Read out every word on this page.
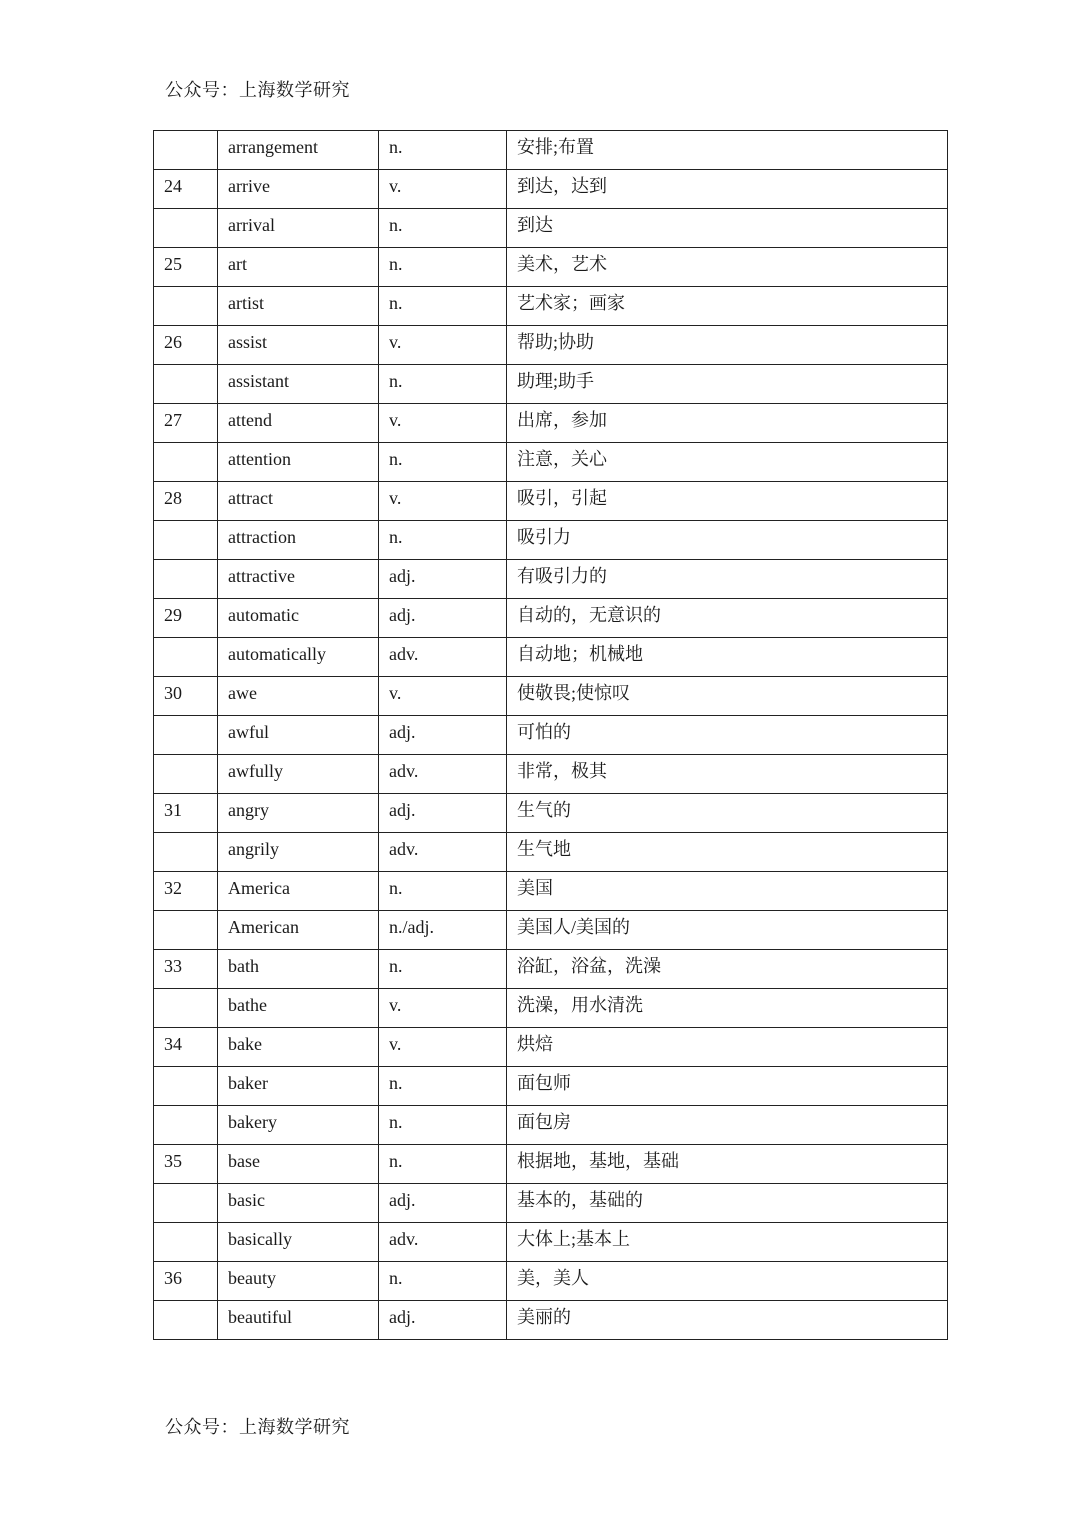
公众号：上海数学研究
	arrangement	n.	安排;布置
24	arrive	v.	到达，达到
	arrival	n.	到达
25	art	n.	美术，艺术
	artist	n.	艺术家；画家
26	assist	v.	帮助;协助
	assistant	n.	助理;助手
27	attend	v.	出席，参加
	attention	n.	注意，关心
28	attract	v.	吸引，引起
	attraction	n.	吸引力
	attractive	adj.	有吸引力的
29	automatic	adj.	自动的，无意识的
	automatically	adv.	自动地；机械地
30	awe	v.	使敬畏;使惊叹
	awful	adj.	可怕的
	awfully	adv.	非常，极其
31	angry	adj.	生气的
	angrily	adv.	生气地
32	America	n.	美国
	American	n./adj.	美国人/美国的
33	bath	n.	浴缸，浴盆，洗澡
	bathe	v.	洗澡，用水清洗
34	bake	v.	烘焙
	baker	n.	面包师
	bakery	n.	面包房
35	base	n.	根据地，基地，基础
	basic	adj.	基本的，基础的
	basically	adv.	大体上;基本上
36	beauty	n.	美，美人
	beautiful	adj.	美丽的
公众号：上海数学研究
